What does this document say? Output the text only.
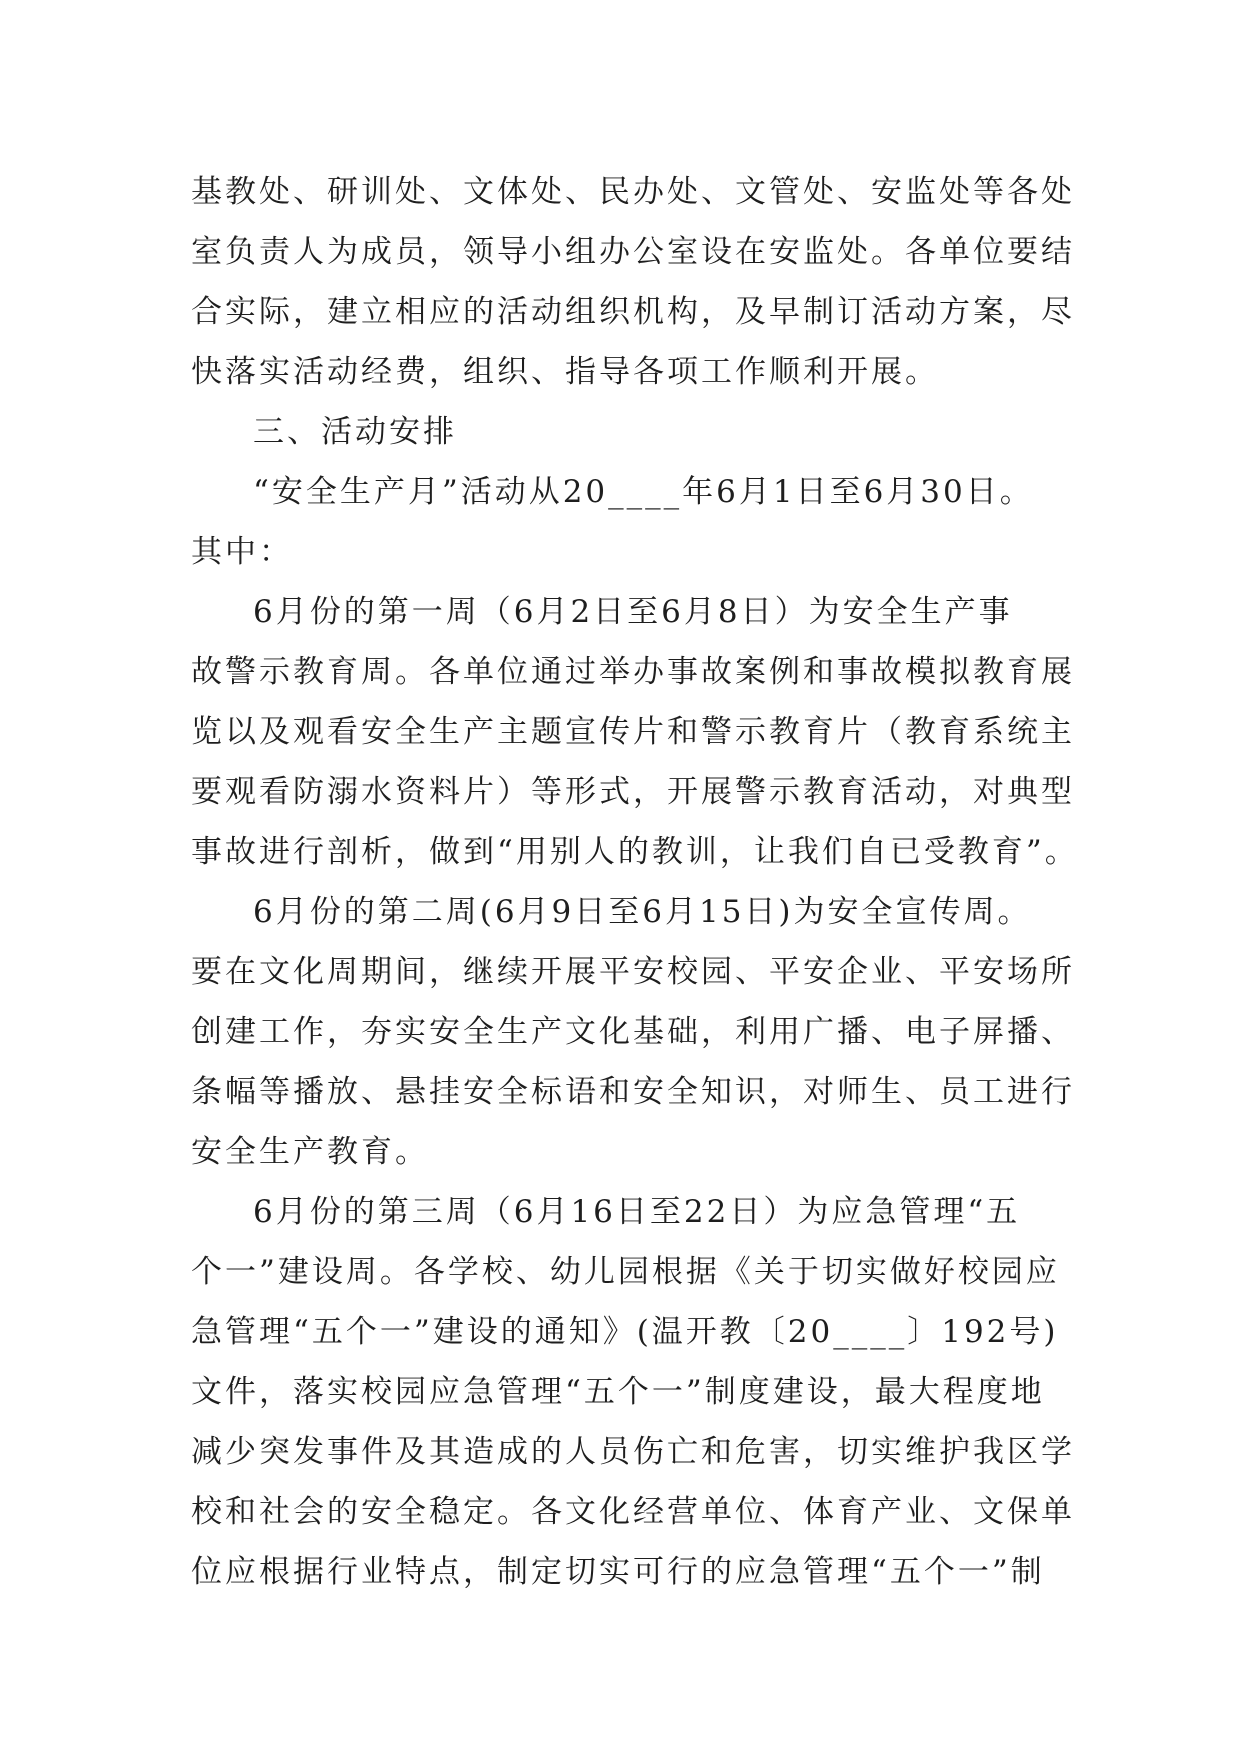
基教处、研训处、文体处、民办处、文管处、安监处等各处
室负责人为成员，领导小组办公室设在安监处。各单位要结
合实际，建立相应的活动组织机构，及早制订活动方案，尽
快落实活动经费，组织、指导各项工作顺利开展。
三、活动安排
“安全生产月”活动从20____年6月1日至6月30日。
其中：
6月份的第一周（6月2日至6月8日）为安全生产事
故警示教育周。各单位通过举办事故案例和事故模拟教育展
览以及观看安全生产主题宣传片和警示教育片（教育系统主
要观看防溺水资料片）等形式，开展警示教育活动，对典型
事故进行剖析，做到“用别人的教训，让我们自已受教育”。
6月份的第二周(6月9日至6月15日)为安全宣传周。
要在文化周期间，继续开展平安校园、平安企业、平安场所
创建工作，夯实安全生产文化基础，利用广播、电子屏播、
条幅等播放、悬挂安全标语和安全知识，对师生、员工进行
安全生产教育。
6月份的第三周（6月16日至22日）为应急管理“五
个一”建设周。各学校、幼儿园根据《关于切实做好校园应
急管理“五个一”建设的通知》(温开教〔20____〕192号)
文件，落实校园应急管理“五个一”制度建设，最大程度地
减少突发事件及其造成的人员伤亡和危害，切实维护我区学
校和社会的安全稳定。各文化经营单位、体育产业、文保单
位应根据行业特点，制定切实可行的应急管理“五个一”制
